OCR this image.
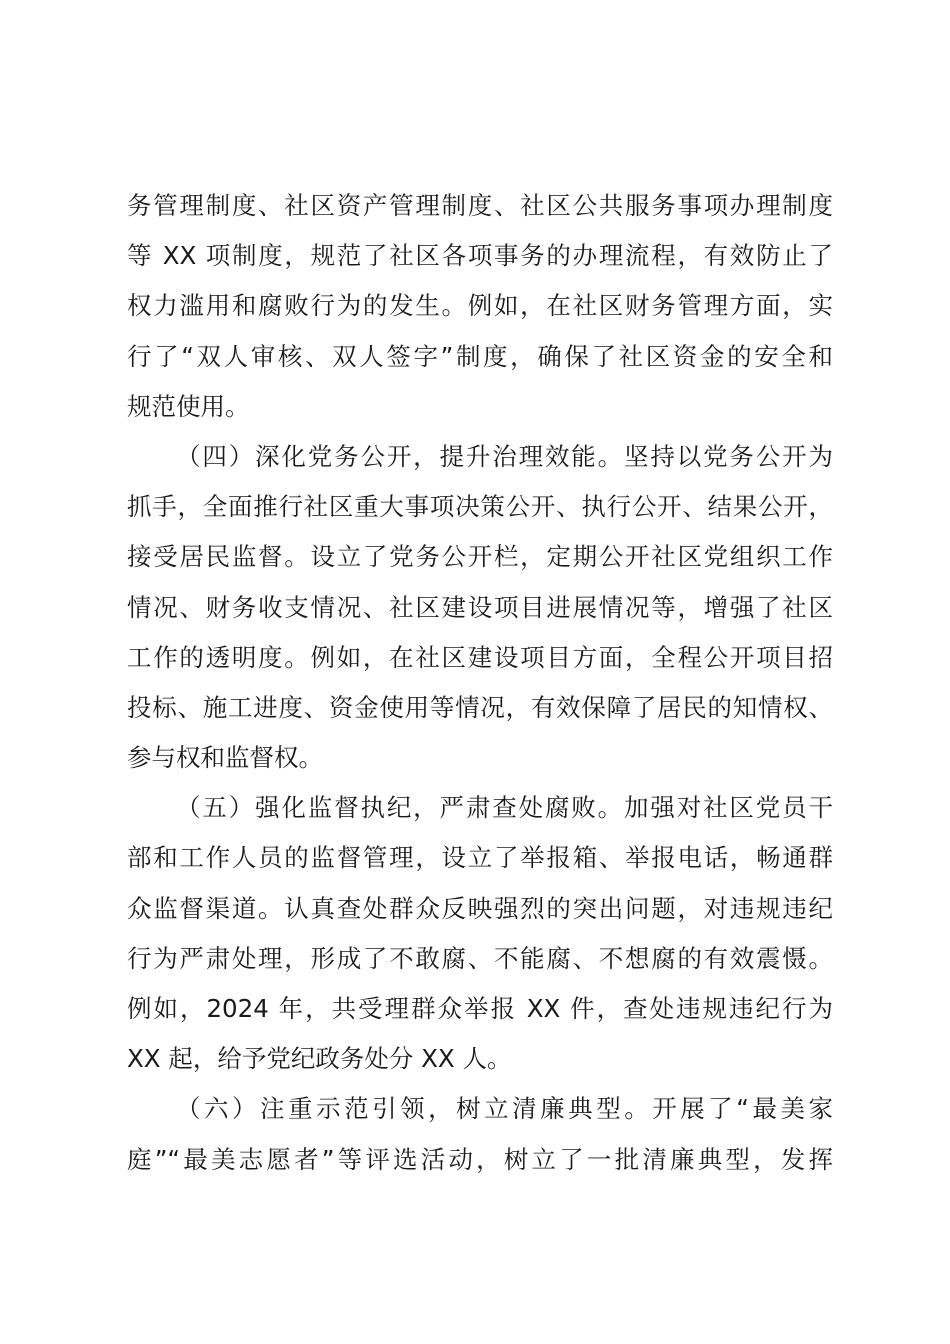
务管理制度、社区资产管理制度、社区公共服务事项办理制度
等 XX 项制度，规范了社区各项事务的办理流程，有效防止了
权力滥用和腐败行为的发生。例如，在社区财务管理方面，实
行了“双人审核、双人签字”制度，确保了社区资金的安全和
规范使用。
（四）深化党务公开，提升治理效能。坚持以党务公开为
抓手，全面推行社区重大事项决策公开、执行公开、结果公开，
接受居民监督。设立了党务公开栏，定期公开社区党组织工作
情况、财务收支情况、社区建设项目进展情况等，增强了社区
工作的透明度。例如，在社区建设项目方面，全程公开项目招
投标、施工进度、资金使用等情况，有效保障了居民的知情权、
参与权和监督权。
（五）强化监督执纪，严肃查处腐败。加强对社区党员干
部和工作人员的监督管理，设立了举报箱、举报电话，畅通群
众监督渠道。认真查处群众反映强烈的突出问题，对违规违纪
行为严肃处理，形成了不敢腐、不能腐、不想腐的有效震慑。
例如，2024 年，共受理群众举报 XX 件，查处违规违纪行为
XX 起，给予党纪政务处分 XX 人。
（六）注重示范引领，树立清廉典型。开展了“最美家
庭”“最美志愿者”等评选活动，树立了一批清廉典型，发挥
